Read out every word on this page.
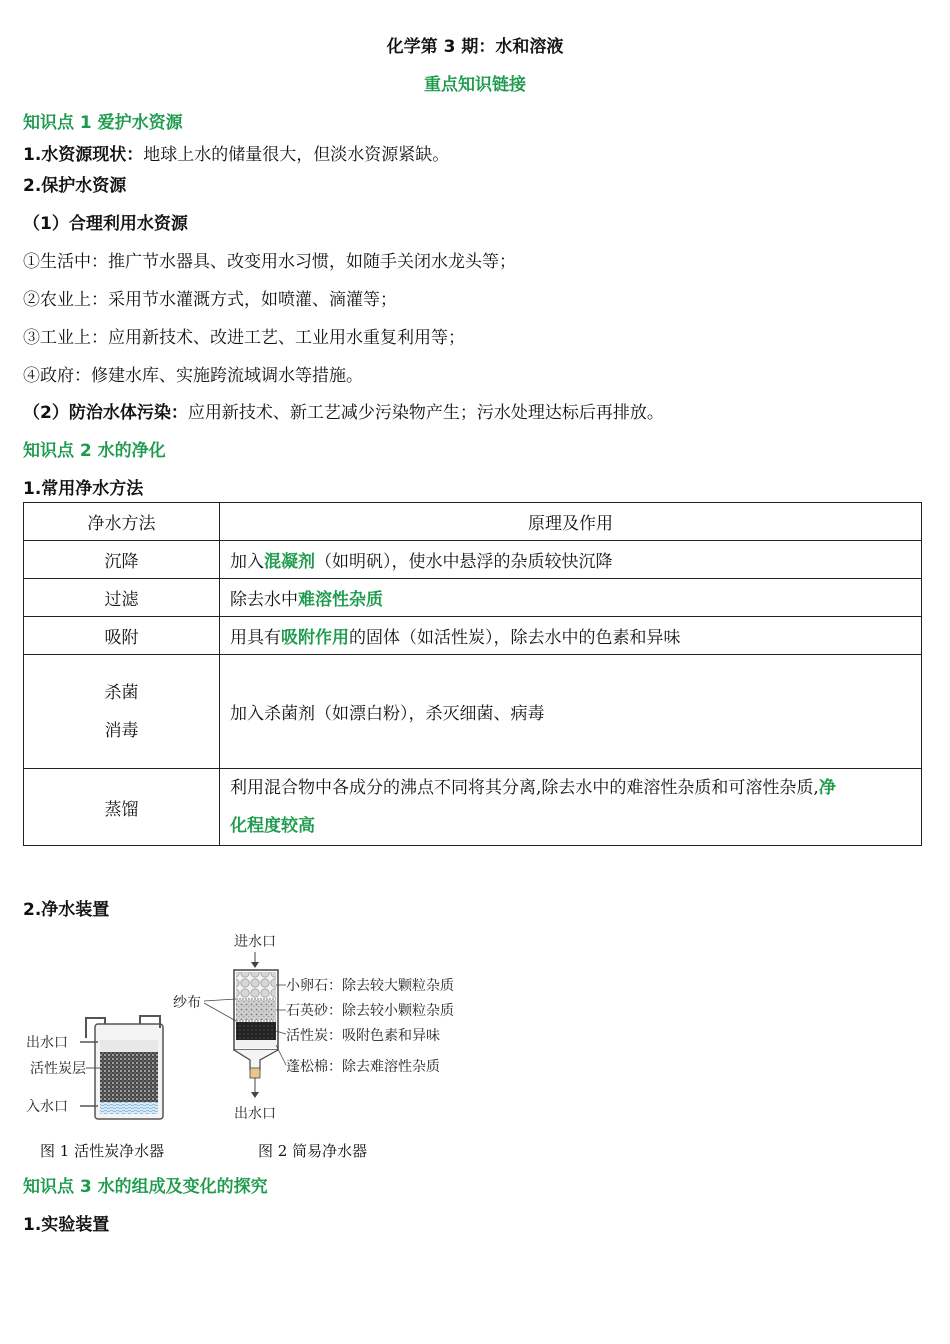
化学第 3 期：水和溶液
重点知识链接
知识点 1 爱护水资源
1.水资源现状：地球上水的储量很大，但淡水资源紧缺。
2.保护水资源
（1）合理利用水资源
①生活中：推广节水器具、改变用水习惯，如随手关闭水龙头等；
②农业上：采用节水灌溉方式，如喷灌、滴灌等；
③工业上：应用新技术、改进工艺、工业用水重复利用等；
④政府：修建水库、实施跨流域调水等措施。
（2）防治水体污染：应用新技术、新工艺减少污染物产生；污水处理达标后再排放。
知识点 2 水的净化
1.常用净水方法
净水方法	原理及作用
沉降	加入混凝剂（如明矾），使水中悬浮的杂质较快沉降
过滤	除去水中难溶性杂质
吸附	用具有吸附作用的固体（如活性炭），除去水中的色素和异味

杀菌
消毒	加入杀菌剂（如漂白粉），杀灭细菌、病毒
蒸馏	利用混合物中各成分的沸点不同将其分离,除去水中的难溶性杂质和可溶性杂质,净
化程度较高
2.净水装置
出水口
活性炭层
入水口
进水口
出水口
纱布
小卵石：除去较大颗粒杂质
石英砂：除去较小颗粒杂质
活性炭：吸附色素和异味
蓬松棉：除去难溶性杂质
图 1 活性炭净水器	图 2 简易净水器
知识点 3 水的组成及变化的探究
1.实验装置
